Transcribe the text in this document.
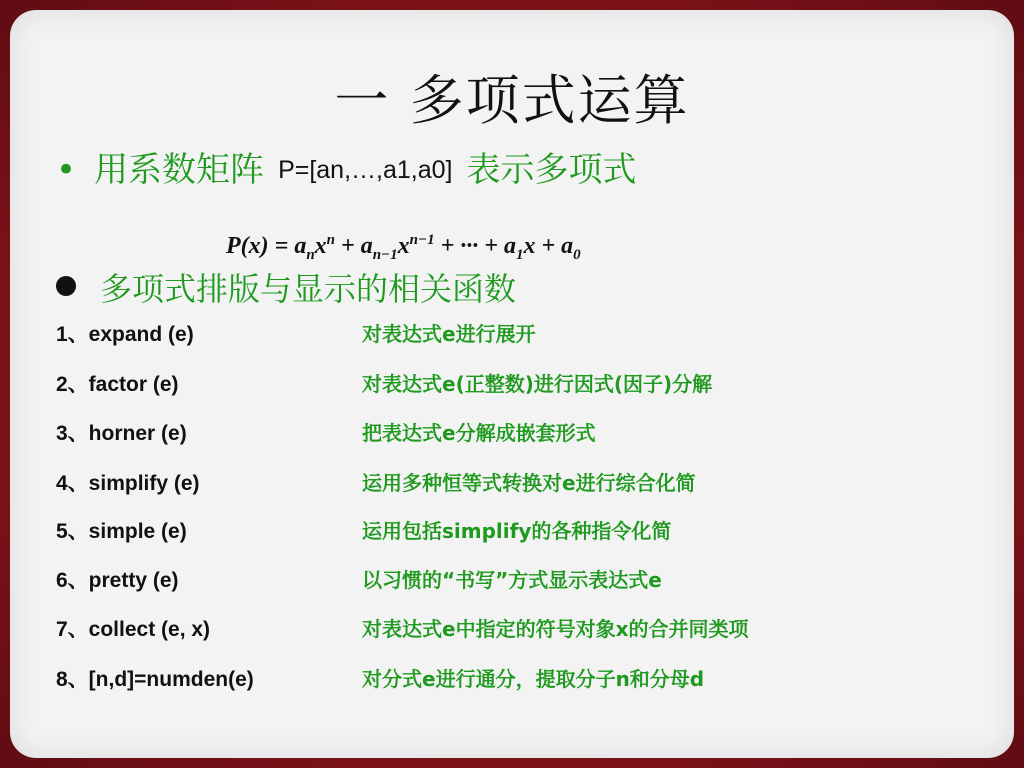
一 多项式运算
• 用系数矩阵 P=[an,…,a1,a0] 表示多项式
$P(x) = a_nx^n + a_{n-1}x^{n-1}$ + ··· + $a_1x + a_0$
多项式排版与显示的相关函数
1、expand (e)	对表达式e进行展开
2、factor (e)	对表达式e(正整数)进行因式(因子)分解
3、horner (e)	把表达式e分解成嵌套形式
4、simplify (e)	运用多种恒等式转换对e进行综合化简
5、simple (e)	运用包括simplify的各种指令化简
6、pretty (e)	以习惯的“书写”方式显示表达式e
7、collect (e, x)	对表达式e中指定的符号对象x的合并同类项
8、[n,d]=numden(e)	对分式e进行通分，提取分子n和分母d
